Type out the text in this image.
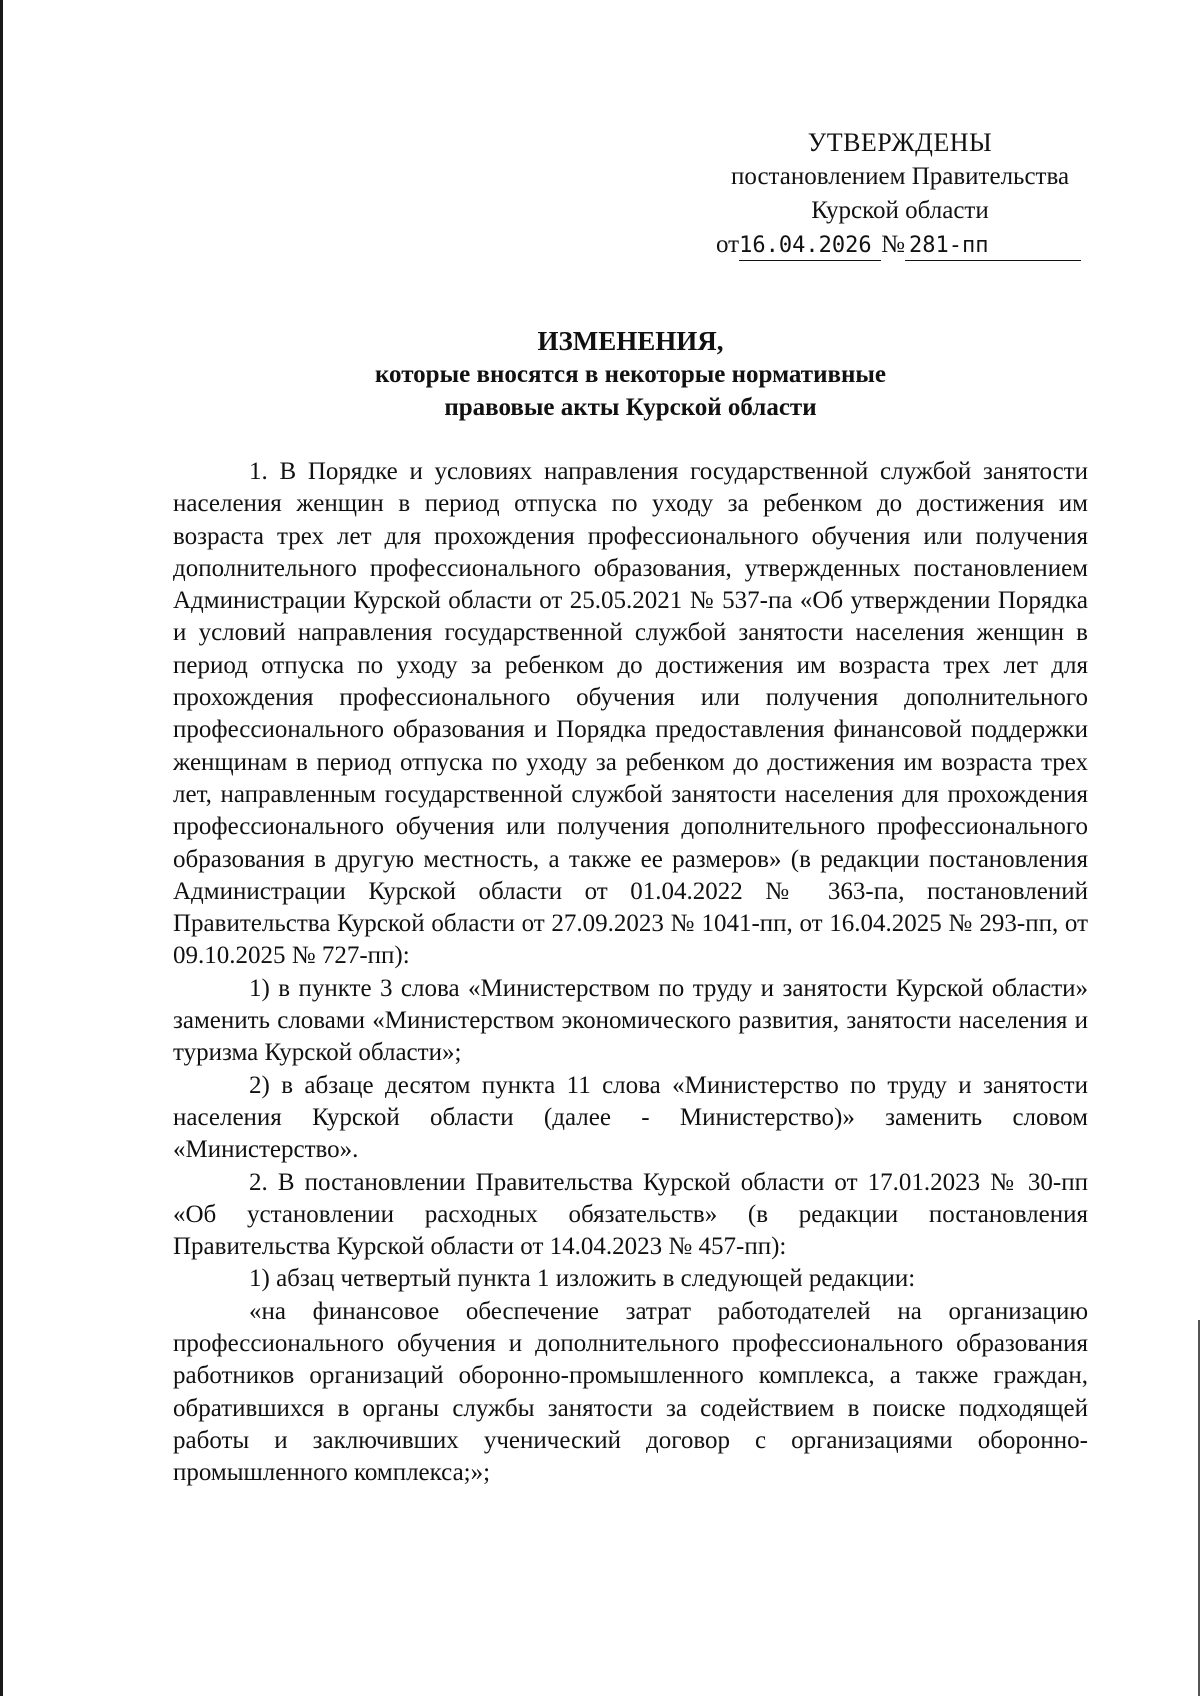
УТВЕРЖДЕНЫ
постановлением Правительства
Курской области
от16.04.2026 № 281-пп
ИЗМЕНЕНИЯ,
которые вносятся в некоторые нормативные
правовые акты Курской области

1. В Порядке и условиях направления государственной службой занятости населения женщин в период отпуска по уходу за ребенком до достижения им возраста трех лет для прохождения профессионального обучения или получения дополнительного профессионального образования, утвержденных постановлением Администрации Курской области от 25.05.2021 № 537-па «Об утверждении Порядка и условий направления государственной службой занятости населения женщин в период отпуска по уходу за ребенком до достижения им возраста трех лет для прохождения профессионального обучения или получения дополнительного профессионального образования и Порядка предоставления финансовой поддержки женщинам в период отпуска по уходу за ребенком до достижения им возраста трех лет, направленным государственной службой занятости населения для прохождения профессионального обучения или получения дополнительного профессионального образования в другую местность, а также ее размеров» (в редакции постановления Администрации Курской области от 01.04.2022 № 363-па, постановлений Правительства Курской области от 27.09.2023 № 1041-пп, от 16.04.2025 № 293-пп, от 09.10.2025 № 727-пп):

1) в пункте 3 слова «Министерством по труду и занятости Курской области» заменить словами «Министерством экономического развития, занятости населения и туризма Курской области»;

2) в абзаце десятом пункта 11 слова «Министерство по труду и занятости населения Курской области (далее - Министерство)» заменить словом «Министерство».

2. В постановлении Правительства Курской области от 17.01.2023 № 30-пп «Об установлении расходных обязательств» (в редакции постановления Правительства Курской области от 14.04.2023 № 457-пп):

1) абзац четвертый пункта 1 изложить в следующей редакции:

«на финансовое обеспечение затрат работодателей на организацию профессионального обучения и дополнительного профессионального образования работников организаций оборонно-промышленного комплекса, а также граждан, обратившихся в органы службы занятости за содействием в поиске подходящей работы и заключивших ученический договор с организациями оборонно-промышленного комплекса;»;
